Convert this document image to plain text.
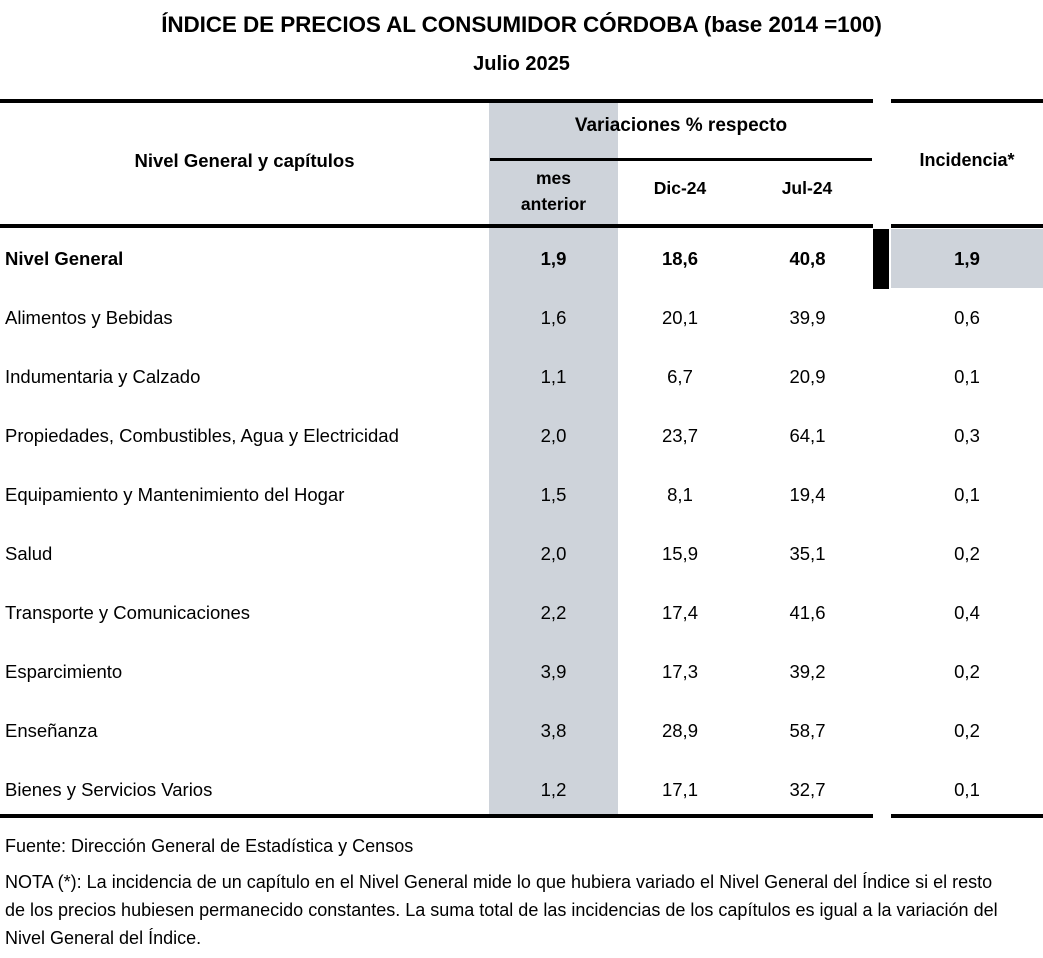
ÍNDICE DE PRECIOS AL CONSUMIDOR CÓRDOBA (base 2014 =100)
Julio 2025
Nivel General y capítulos
Variaciones % respecto
mes
anterior
Dic-24	Jul-24
Incidencia*
Nivel General	1,9	18,6	40,8	1,9
Alimentos y Bebidas	1,6	20,1	39,9	0,6
Indumentaria y Calzado	1,1	6,7	20,9	0,1
Propiedades, Combustibles, Agua y Electricidad	2,0	23,7	64,1	0,3
Equipamiento y Mantenimiento del Hogar	1,5	8,1	19,4	0,1
Salud	2,0	15,9	35,1	0,2
Transporte y Comunicaciones	2,2	17,4	41,6	0,4
Esparcimiento	3,9	17,3	39,2	0,2
Enseñanza	3,8	28,9	58,7	0,2
Bienes y Servicios Varios	1,2	17,1	32,7	0,1
Fuente: Dirección General de Estadística y Censos
NOTA (*): La incidencia de un capítulo en el Nivel General mide lo que hubiera variado el Nivel General del Índice si el resto de los precios hubiesen permanecido constantes. La suma total de las incidencias de los capítulos es igual a la variación del Nivel General del Índice.
